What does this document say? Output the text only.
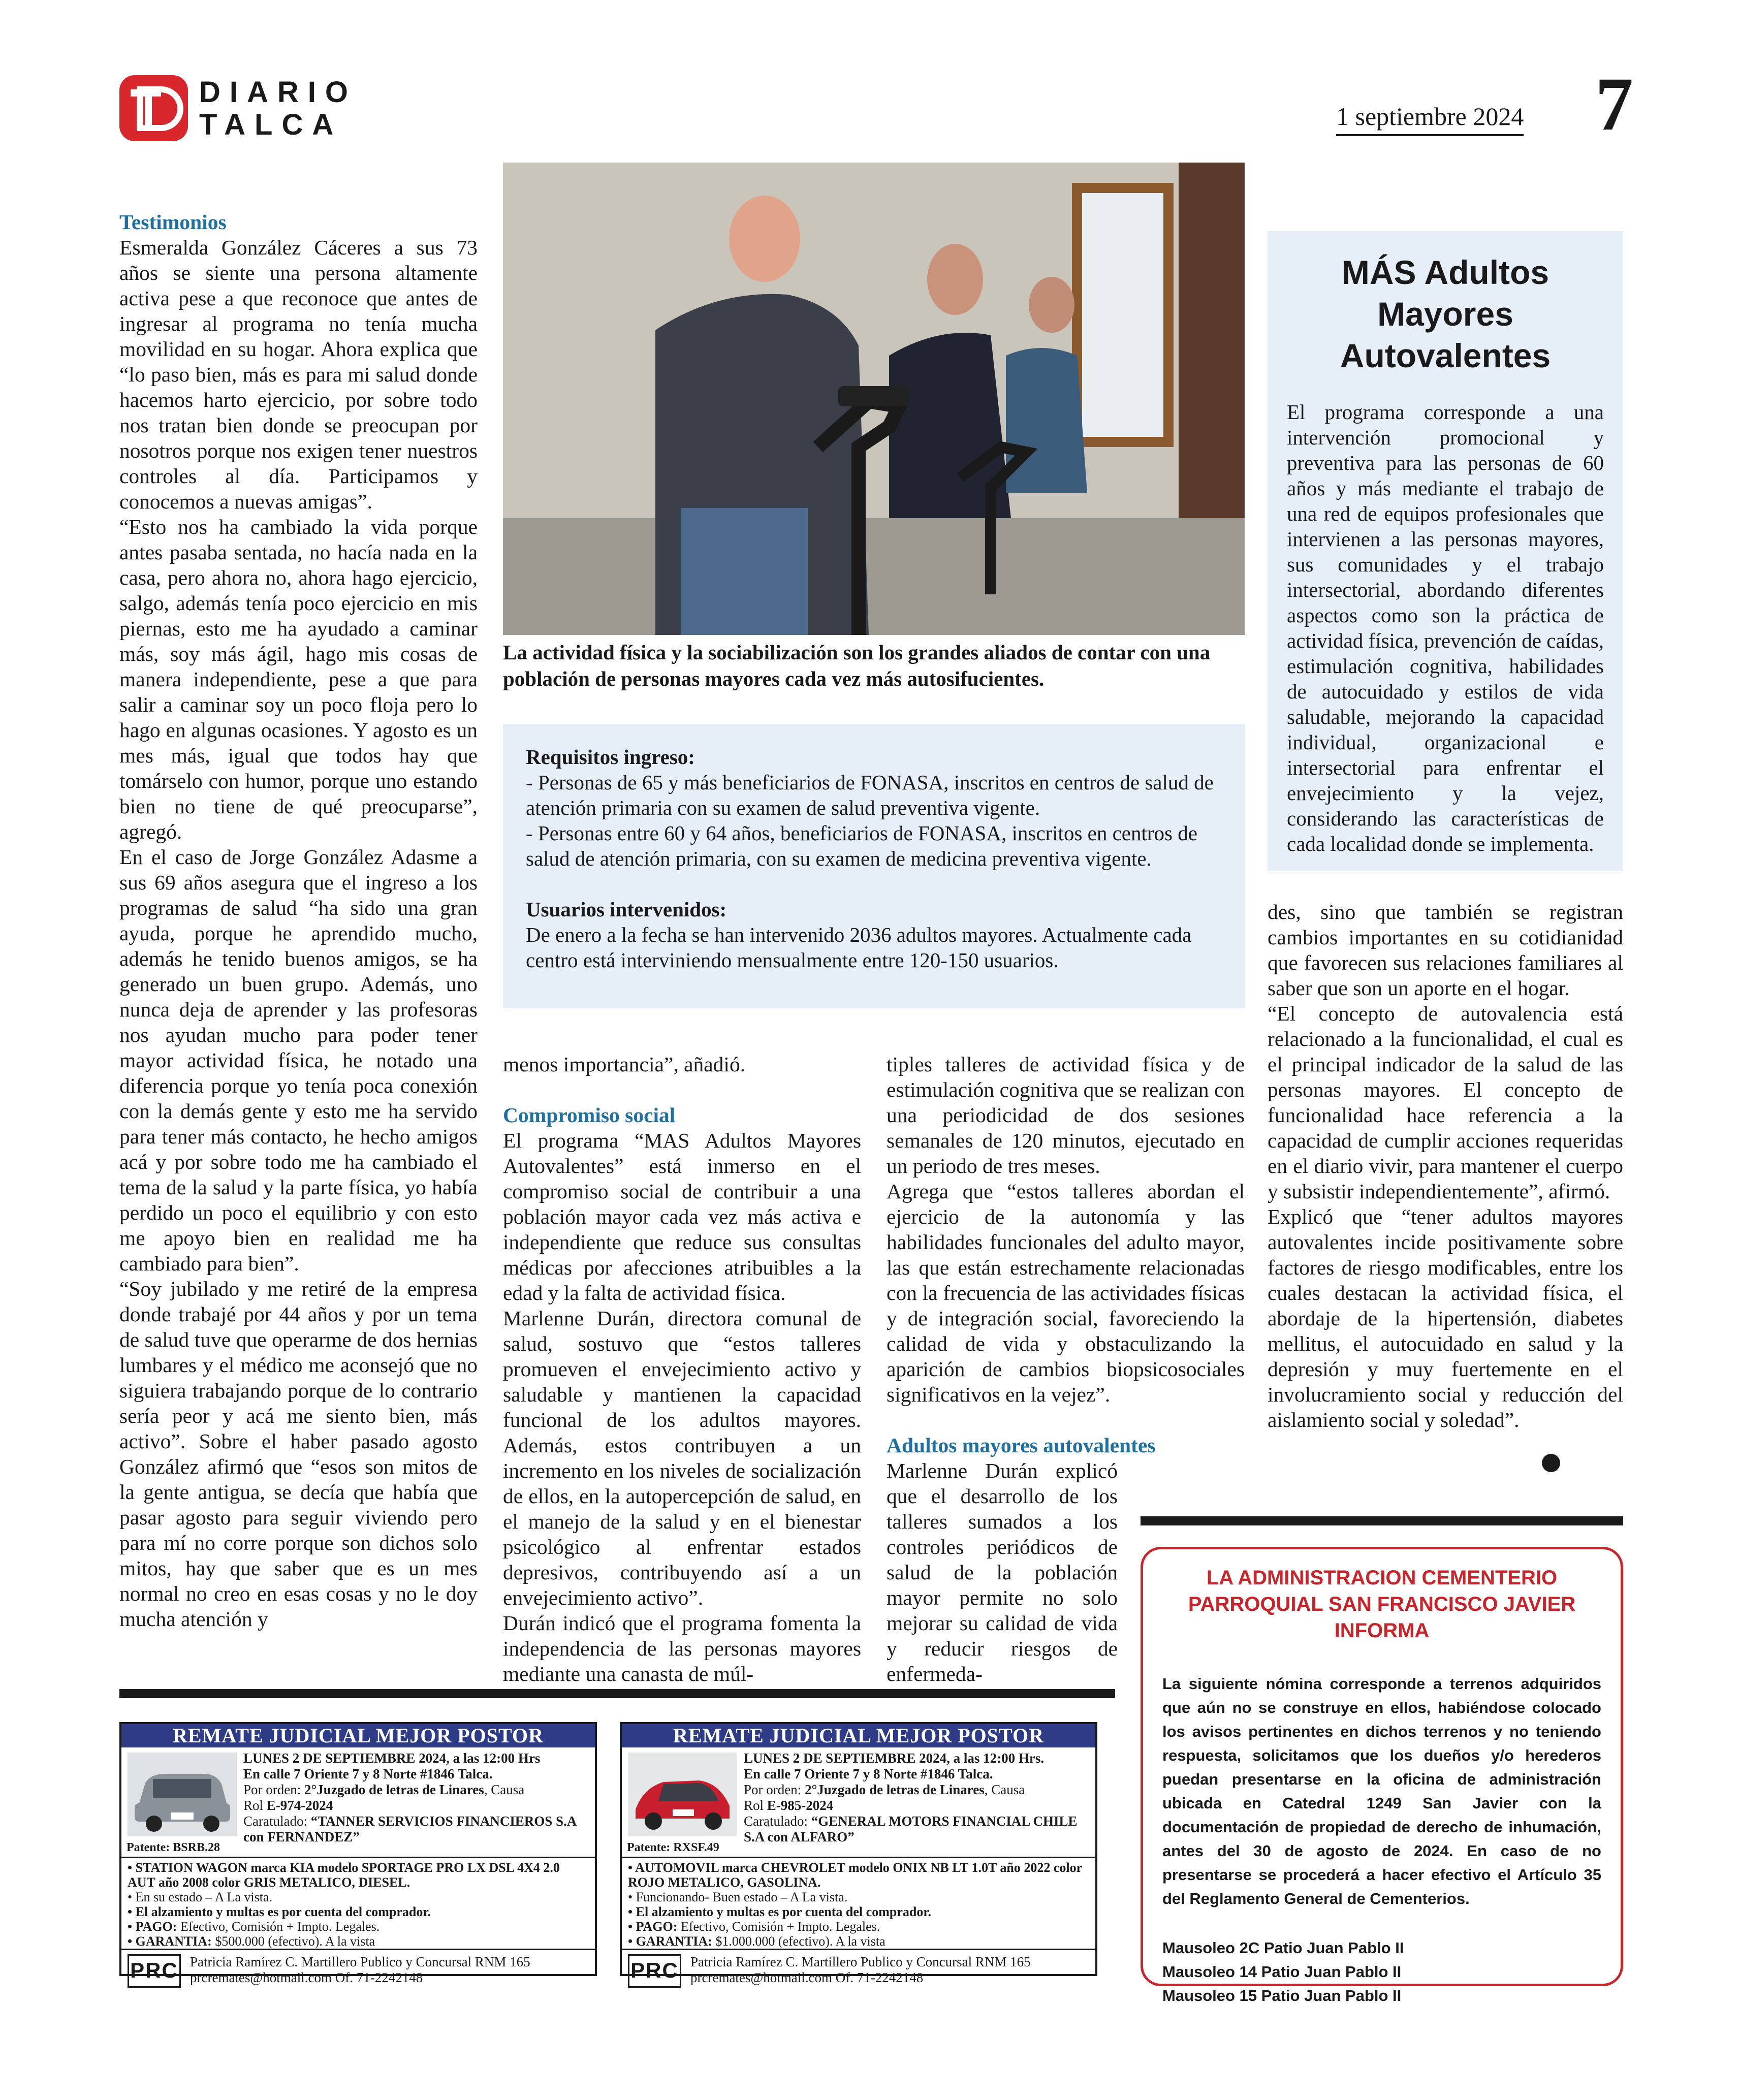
DIARIO
TALCA	1 septiembre 2024 7

Testimonios

Esmeralda González Cáceres a sus 73 años se siente una persona altamente activa pese a que reconoce que antes de ingresar al programa no tenía mucha movilidad en su hogar. Ahora explica que “lo paso bien, más es para mi salud donde hacemos harto ejercicio, por sobre todo nos tratan bien donde se preocupan por nosotros porque nos exigen tener nuestros controles al día. Participamos y conocemos a nuevas amigas”.

“Esto nos ha cambiado la vida porque antes pasaba sentada, no hacía nada en la casa, pero ahora no, ahora hago ejercicio, salgo, además tenía poco ejercicio en mis piernas, esto me ha ayudado a caminar más, soy más ágil, hago mis cosas de manera independiente, pese a que para salir a caminar soy un poco floja pero lo hago en algunas ocasiones. Y agosto es un mes más, igual que todos hay que tomárselo con humor, porque uno estando bien no tiene de qué preocuparse”, agregó.

En el caso de Jorge González Adasme a sus 69 años asegura que el ingreso a los programas de salud “ha sido una gran ayuda, porque he aprendido mucho, además he tenido buenos amigos, se ha generado un buen grupo. Además, uno nunca deja de aprender y las profesoras nos ayudan mucho para poder tener mayor actividad física, he notado una diferencia porque yo tenía poca conexión con la demás gente y esto me ha servido para tener más contacto, he hecho amigos acá y por sobre todo me ha cambiado el tema de la salud y la parte física, yo había perdido un poco el equilibrio y con esto me apoyo bien en realidad me ha cambiado para bien”.

“Soy jubilado y me retiré de la empresa donde trabajé por 44 años y por un tema de salud tuve que operarme de dos hernias lumbares y el médico me aconsejó que no siguiera trabajando porque de lo contrario sería peor y acá me siento bien, más activo”. Sobre el haber pasado agosto González afirmó que “esos son mitos de la gente antigua, se decía que había que pasar agosto para seguir viviendo pero para mí no corre porque son dichos solo mitos, hay que saber que es un mes normal no creo en esas cosas y no le doy mucha atención y

La actividad física y la sociabilización son los grandes aliados de contar con una población de personas mayores cada vez más autosifucientes.
Requisitos ingreso:
- Personas de 65 y más beneficiarios de FONASA, inscritos en centros de salud de atención primaria con su examen de salud preventiva vigente.
- Personas entre 60 y 64 años, beneficiarios de FONASA, inscritos en centros de salud de atención primaria, con su examen de medicina preventiva vigente.
Usuarios intervenidos:
De enero a la fecha se han intervenido 2036 adultos mayores. Actualmente cada centro está interviniendo mensualmente entre 120-150 usuarios.
MÁS Adultos Mayores Autovalentes
El programa corresponde a una intervención promocional y preventiva para las personas de 60 años y más mediante el trabajo de una red de equipos profesionales que intervienen a las personas mayores, sus comunidades y el trabajo intersectorial, abordando diferentes aspectos como son la práctica de actividad física, prevención de caídas, estimulación cognitiva, habilidades de autocuidado y estilos de vida saludable, mejorando la capacidad individual, organizacional e intersectorial para enfrentar el envejecimiento y la vejez, considerando las características de cada localidad donde se implementa.

menos importancia”, añadió.

Compromiso social

El programa “MAS Adultos Mayores Autovalentes” está inmerso en el compromiso social de contribuir a una población mayor cada vez más activa e independiente que reduce sus consultas médicas por afecciones atribuibles a la edad y la falta de actividad física.

Marlenne Durán, directora comunal de salud, sostuvo que “estos talleres promueven el envejecimiento activo y saludable y mantienen la capacidad funcional de los adultos mayores. Además, estos contribuyen a un incremento en los niveles de socialización de ellos, en la autopercepción de salud, en el manejo de la salud y en el bienestar psicológico al enfrentar estados depresivos, contribuyendo así a un envejecimiento activo”.

Durán indicó que el programa fomenta la independencia de las personas mayores mediante una canasta de múl-

tiples talleres de actividad física y de estimulación cognitiva que se realizan con una periodicidad de dos sesiones semanales de 120 minutos, ejecutado en un periodo de tres meses.

Agrega que “estos talleres abordan el ejercicio de la autonomía y las habilidades funcionales del adulto mayor, las que están estrechamente relacionadas con la frecuencia de las actividades físicas y de integración social, favoreciendo la calidad de vida y obstaculizando la aparición de cambios biopsicosociales significativos en la vejez”.

Adultos mayores autovalentes

Marlenne Durán explicó que el desarrollo de los talleres sumados a los controles periódicos de salud de la población mayor permite no solo mejorar su calidad de vida y reducir riesgos de enfermeda-

des, sino que también se registran cambios importantes en su cotidianidad que favorecen sus relaciones familiares al saber que son un aporte en el hogar.

“El concepto de autovalencia está relacionado a la funcionalidad, el cual es el principal indicador de la salud de las personas mayores. El concepto de funcionalidad hace referencia a la capacidad de cumplir acciones requeridas en el diario vivir, para mantener el cuerpo y subsistir independientemente”, afirmó.

Explicó que “tener adultos mayores autovalentes incide positivamente sobre factores de riesgo modificables, entre los cuales destacan la actividad física, el abordaje de la hipertensión, diabetes mellitus, el autocuidado en salud y la depresión y muy fuertemente en el involucramiento social y reducción del aislamiento social y soledad”.

REMATE JUDICIAL MEJOR POSTOR
Patente: BSRB.28
LUNES 2 DE SEPTIEMBRE 2024, a las 12:00 Hrs
En calle 7 Oriente 7 y 8 Norte #1846 Talca.
Por orden: 2°Juzgado de letras de Linares, Causa
Rol E-974-2024
Caratulado: “TANNER SERVICIOS FINANCIEROS S.A con FERNANDEZ”
• STATION WAGON marca KIA modelo SPORTAGE PRO LX DSL 4X4 2.0 AUT año 2008 color GRIS METALICO, DIESEL.
• En su estado – A La vista.
• El alzamiento y multas es por cuenta del comprador.
• PAGO: Efectivo, Comisión + Impto. Legales.
• GARANTIA: $500.000 (efectivo). A la vista
PRC Patricia Ramírez C. Martillero Publico y Concursal RNM 165
prcremates@hotmail.com Of. 71-2242148
REMATE JUDICIAL MEJOR POSTOR
Patente: RXSF.49
LUNES 2 DE SEPTIEMBRE 2024, a las 12:00 Hrs.
En calle 7 Oriente 7 y 8 Norte #1846 Talca.
Por orden: 2°Juzgado de letras de Linares, Causa
Rol E-985-2024
Caratulado: “GENERAL MOTORS FINANCIAL CHILE S.A con ALFARO”
• AUTOMOVIL marca CHEVROLET modelo ONIX NB LT 1.0T año 2022 color ROJO METALICO, GASOLINA.
• Funcionando- Buen estado – A La vista.
• El alzamiento y multas es por cuenta del comprador.
• PAGO: Efectivo, Comisión + Impto. Legales.
• GARANTIA: $1.000.000 (efectivo). A la vista
PRC Patricia Ramírez C. Martillero Publico y Concursal RNM 165
prcremates@hotmail.com Of. 71-2242148
LA ADMINISTRACION CEMENTERIO PARROQUIAL SAN FRANCISCO JAVIER INFORMA
La siguiente nómina corresponde a terrenos adquiridos que aún no se construye en ellos, habiéndose colocado los avisos pertinentes en dichos terrenos y no teniendo respuesta, solicitamos que los dueños y/o herederos puedan presentarse en la oficina de administración ubicada en Catedral 1249 San Javier con la documentación de propiedad de derecho de inhumación, antes del 30 de agosto de 2024. En caso de no presentarse se procederá a hacer efectivo el Artículo 35 del Reglamento General de Cementerios.
Mausoleo 2C Patio Juan Pablo II
Mausoleo 14 Patio Juan Pablo II
Mausoleo 15 Patio Juan Pablo II
